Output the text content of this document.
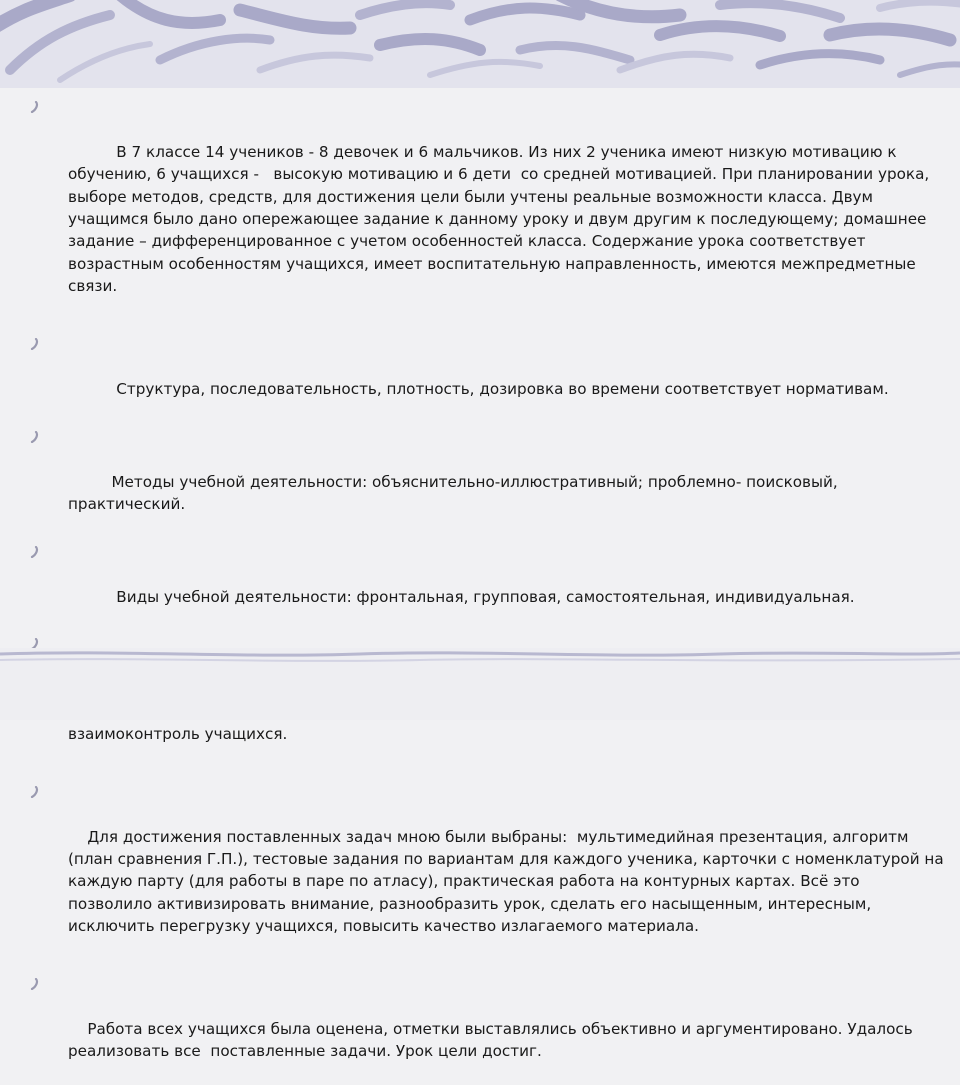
В 7 классе 14 учеников - 8 девочек и 6 мальчиков. Из них 2 ученика имеют низкую мотивацию к обучению, 6 учащихся -   высокую мотивацию и 6 дети  со средней мотивацией. При планировании урока, выборе методов, средств, для достижения цели были учтены реальные возможности класса. Двум учащимся было дано опережающее задание к данному уроку и двум другим к последующему; домашнее задание – дифференцированное с учетом особенностей класса. Содержание урока соответствует возрастным особенностям учащихся, имеет воспитательную направленность, имеются межпредметные связи.

Структура, последовательность, плотность, дозировка во времени соответствует нормативам.

Методы учебной деятельности: объяснительно-иллюстративный; проблемно- поисковый, практический.

Виды учебной деятельности: фронтальная, групповая, самостоятельная, индивидуальная.

взаимоконтроль учащихся.

Для достижения поставленных задач мною были выбраны:  мультимедийная презентация, алгоритм (план сравнения Г.П.), тестовые задания по вариантам для каждого ученика, карточки с номенклатурой на каждую парту (для работы в паре по атласу), практическая работа на контурных картах. Всё это позволило активизировать внимание, разнообразить урок, сделать его насыщенным, интересным, исключить перегрузку учащихся, повысить качество излагаемого материала.

Работа всех учащихся была оценена, отметки выставлялись объективно и аргументировано. Удалось реализовать все  поставленные задачи. Урок цели достиг.
